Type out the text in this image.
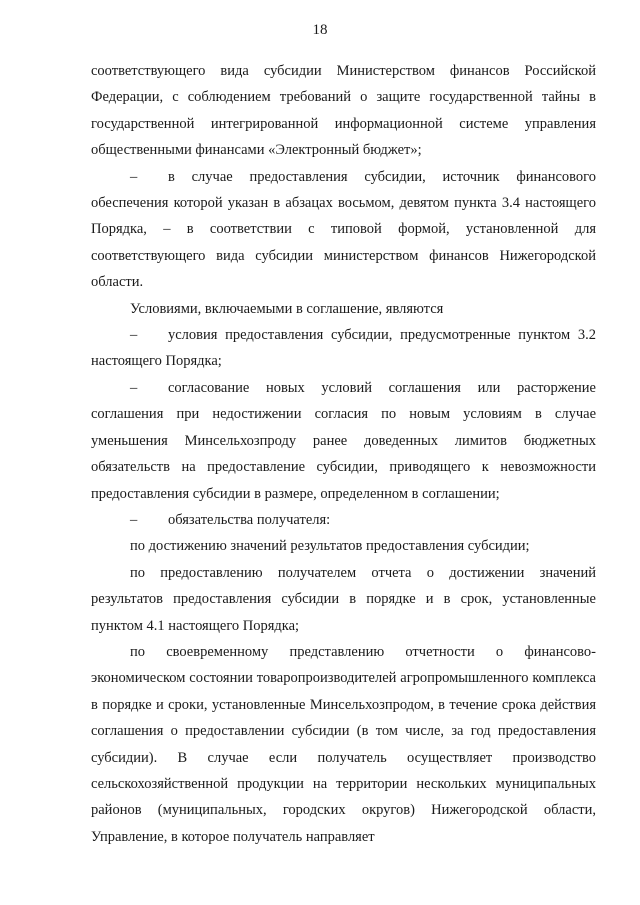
18

соответствующего вида субсидии Министерством финансов Российской Федерации, с соблюдением требований о защите государственной тайны в государственной интегрированной информационной системе управления общественными финансами «Электронный бюджет»;

– в случае предоставления субсидии, источник финансового обеспечения которой указан в абзацах восьмом, девятом пункта 3.4 настоящего Порядка, – в соответствии с типовой формой, установленной для соответствующего вида субсидии министерством финансов Нижегородской области.

Условиями, включаемыми в соглашение, являются

– условия предоставления субсидии, предусмотренные пунктом 3.2 настоящего Порядка;

– согласование новых условий соглашения или расторжение соглашения при недостижении согласия по новым условиям в случае уменьшения Минсельхозпроду ранее доведенных лимитов бюджетных обязательств на предоставление субсидии, приводящего к невозможности предоставления субсидии в размере, определенном в соглашении;

– обязательства получателя:

по достижению значений результатов предоставления субсидии;

по предоставлению получателем отчета о достижении значений результатов предоставления субсидии в порядке и в срок, установленные пунктом 4.1 настоящего Порядка;

по своевременному представлению отчетности о финансово-экономическом состоянии товаропроизводителей агропромышленного комплекса в порядке и сроки, установленные Минсельхозпродом, в течение срока действия соглашения о предоставлении субсидии (в том числе, за год предоставления субсидии). В случае если получатель осуществляет производство сельскохозяйственной продукции на территории нескольких муниципальных районов (муниципальных, городских округов) Нижегородской области, Управление, в которое получатель направляет
